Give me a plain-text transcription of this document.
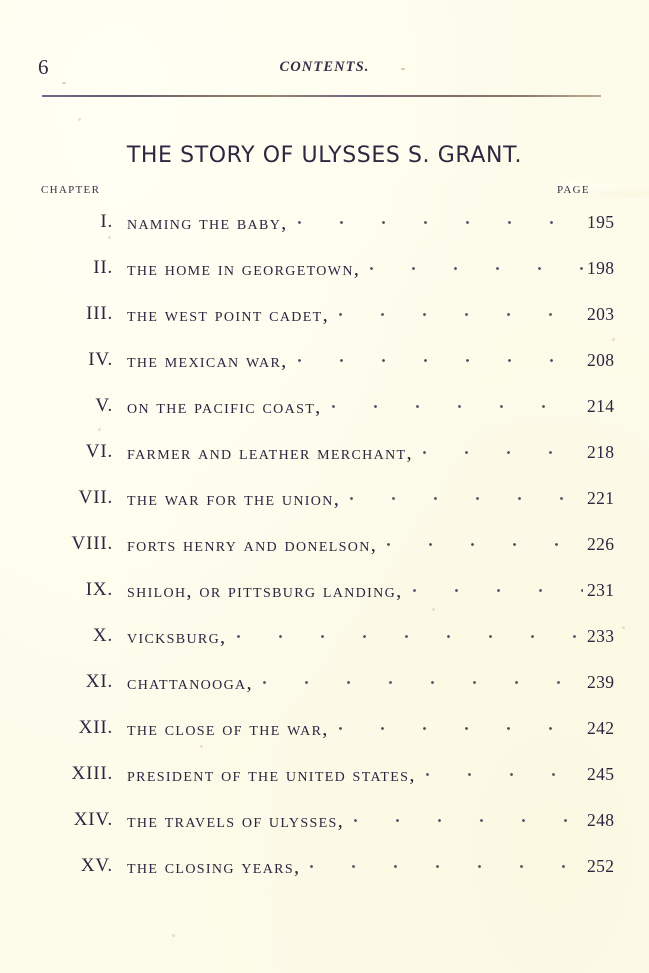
6	CONTENTS.
THE STORY OF ULYSSES S. GRANT.
CHAPTER	PAGE
I. naming the baby,	195
II. the home in georgetown,	198
III. the west point cadet,	203
IV. the mexican war,	208
V. on the pacific coast,	214
VI. farmer and leather merchant,	218
VII. the war for the union,	221
VIII. forts henry and donelson,	226
IX. shiloh, or pittsburg landing,	231
X. vicksburg,	233
XI. chattanooga,	239
XII. the close of the war,	242
XIII. president of the united states,	245
XIV. the travels of ulysses,	248
XV. the closing years,	252
